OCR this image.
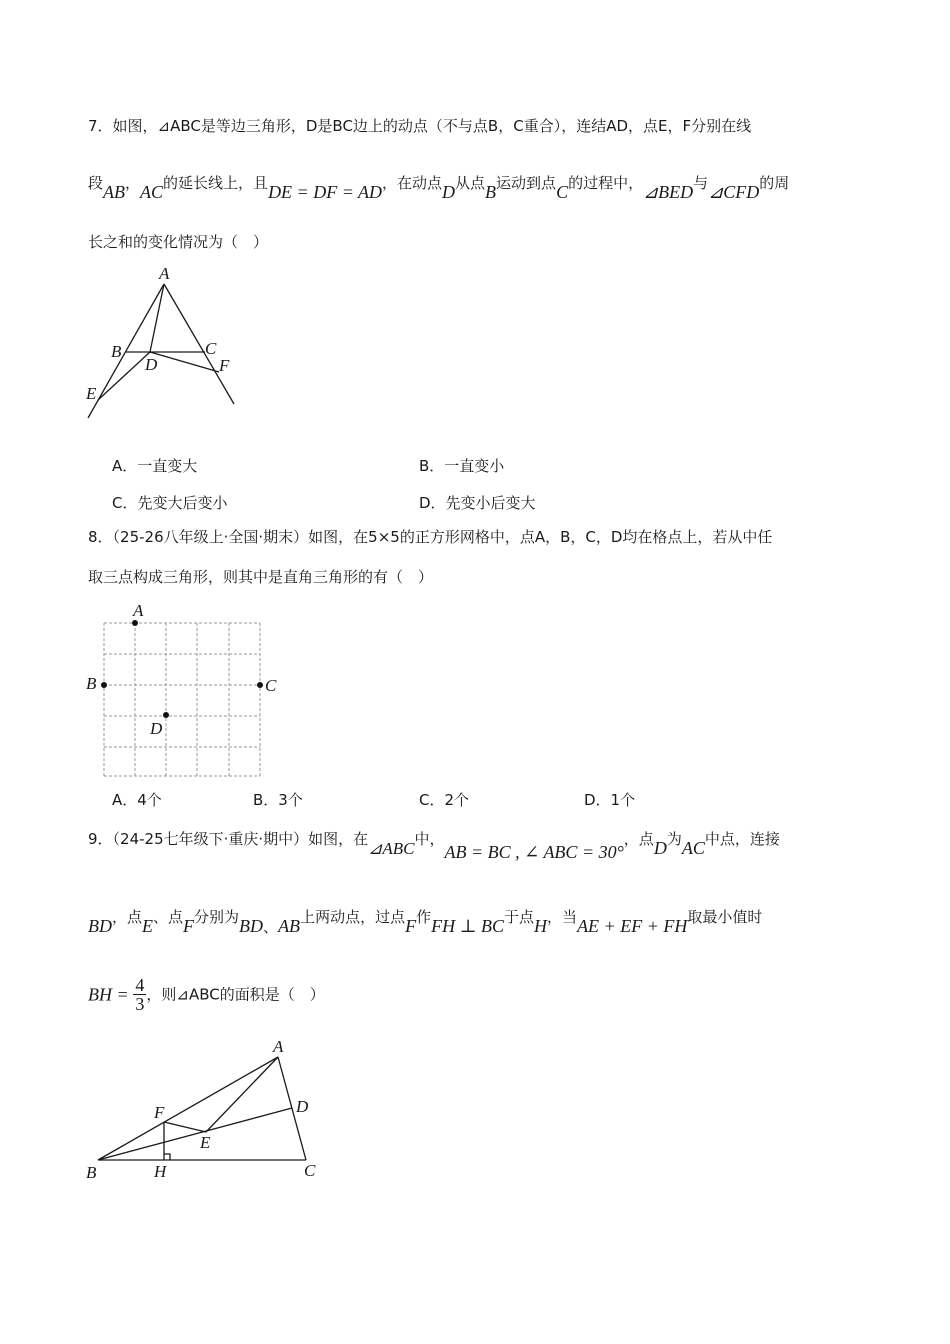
7．如图，⊿ABC是等边三角形，D是BC边上的动点（不与点B，C重合），连结AD，点E，F分别在线
段AB，AC的延长线上，且DE = DF = AD，在动点D从点B运动到点C的过程中，⊿BED与⊿CFD的周
长之和的变化情况为（　）
A
B	C
D
E
F
A．一直变大	B．一直变小
C．先变大后变小	D．先变小后变大
8．（25-26八年级上·全国·期末）如图，在5×5的正方形网格中，点A，B，C，D均在格点上，若从中任
取三点构成三角形，则其中是直角三角形的有（　）
A
B	C
D
A．4个	B．3个	C．2个	D．1个
9．（24-25七年级下·重庆·期中）如图，在⊿ABC中，AB = BC , ∠ ABC = 30°，点D为AC中点，连接
BD，点E、点F分别为BD、AB上两动点，过点F作FH ⊥ BC于点H，当AE + EF + FH取最小值时
BH = $\frac{4}{3}$ ，则⊿ABC的面积是（　）
A
B	C
D
E
F
H
